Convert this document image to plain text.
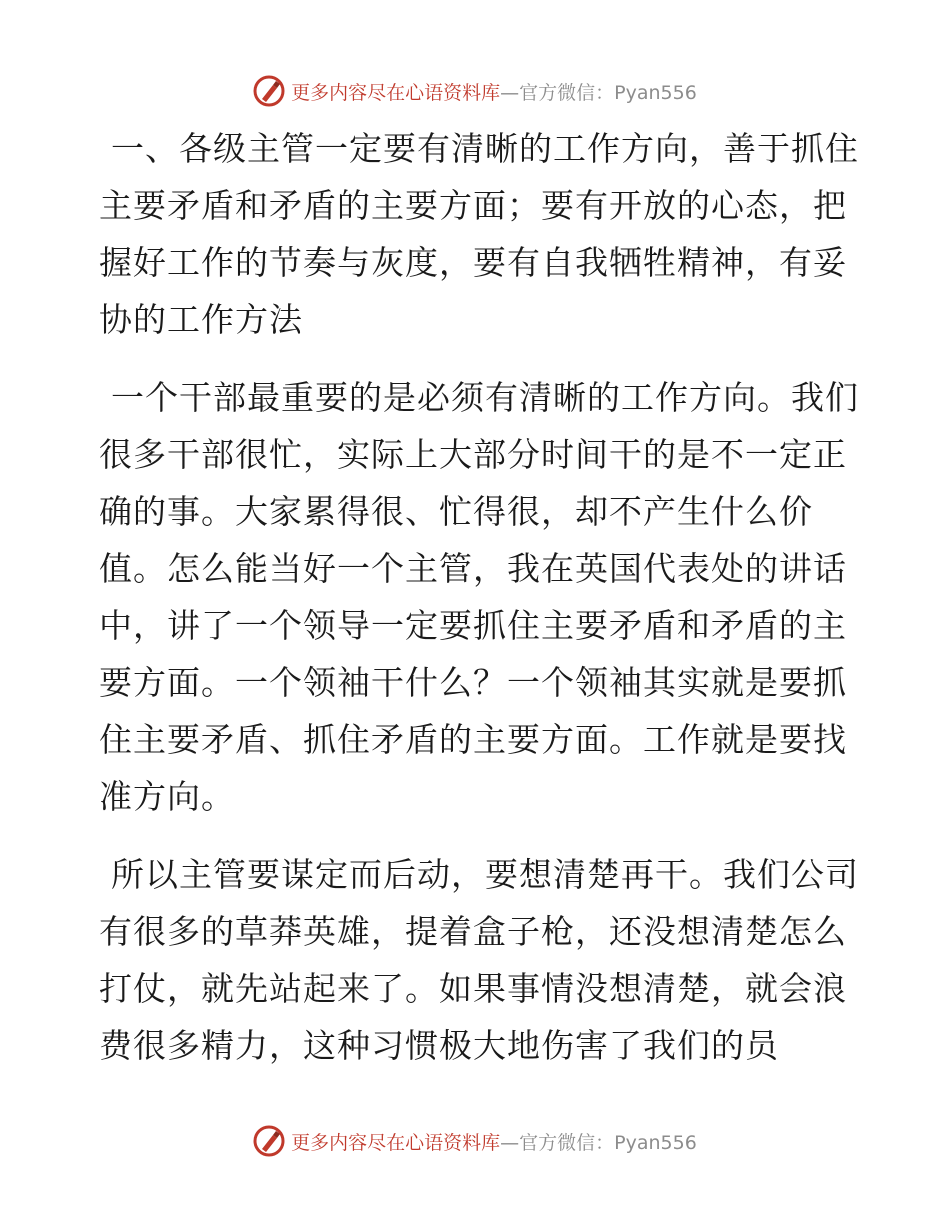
更多内容尽在心语资料库—官方微信：Pyan556

一、各级主管一定要有清晰的工作方向，善于抓住主要矛盾和矛盾的主要方面；要有开放的心态，把握好工作的节奏与灰度，要有自我牺牲精神，有妥协的工作方法

一个干部最重要的是必须有清晰的工作方向。我们很多干部很忙，实际上大部分时间干的是不一定正确的事。大家累得很、忙得很，却不产生什么价值。怎么能当好一个主管，我在英国代表处的讲话中，讲了一个领导一定要抓住主要矛盾和矛盾的主要方面。一个领袖干什么？一个领袖其实就是要抓住主要矛盾、抓住矛盾的主要方面。工作就是要找准方向。

所以主管要谋定而后动，要想清楚再干。我们公司有很多的草莽英雄，提着盒子枪，还没想清楚怎么打仗，就先站起来了。如果事情没想清楚，就会浪费很多精力，这种习惯极大地伤害了我们的员

更多内容尽在心语资料库—官方微信：Pyan556
